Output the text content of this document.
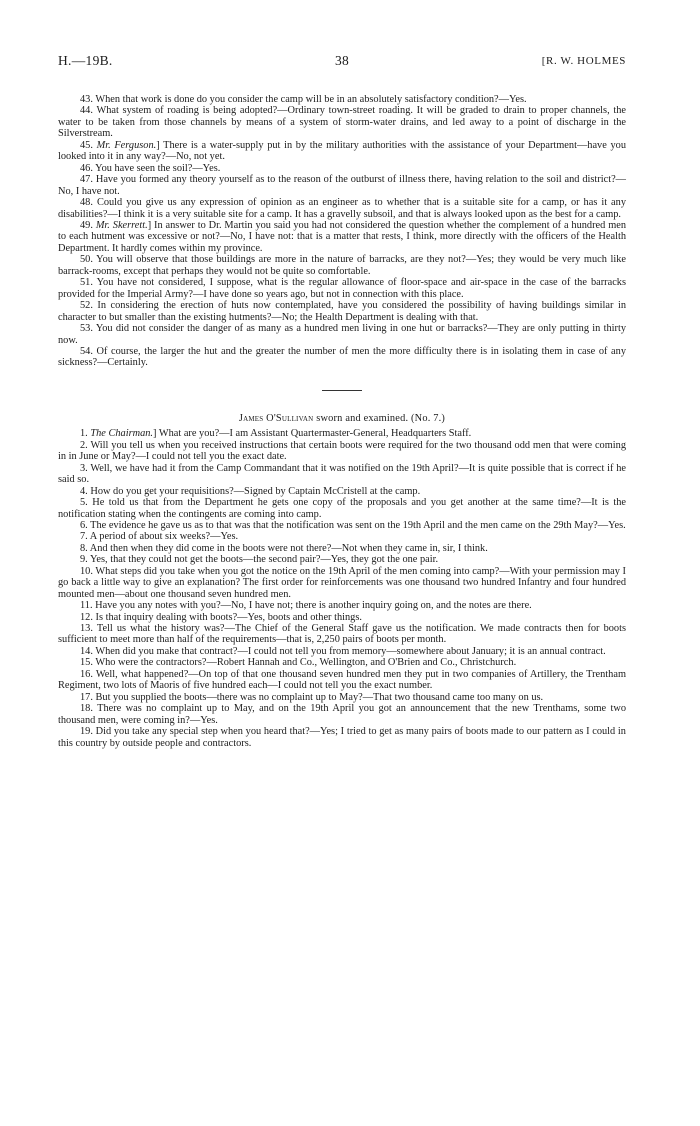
H.—19B.	38	[R. W. HOLMES

43. When that work is done do you consider the camp will be in an absolutely satisfactory condition?—Yes.

44. What system of roading is being adopted?—Ordinary town-street roading. It will be graded to drain to proper channels, the water to be taken from those channels by means of a system of storm-water drains, and led away to a point of discharge in the Silverstream.

45. Mr. Ferguson.] There is a water-supply put in by the military authorities with the assistance of your Department—have you looked into it in any way?—No, not yet.

46. You have seen the soil?—Yes.

47. Have you formed any theory yourself as to the reason of the outburst of illness there, having relation to the soil and district?—No, I have not.

48. Could you give us any expression of opinion as an engineer as to whether that is a suitable site for a camp, or has it any disabilities?—I think it is a very suitable site for a camp. It has a gravelly subsoil, and that is always looked upon as the best for a camp.

49. Mr. Skerrett.] In answer to Dr. Martin you said you had not considered the question whether the complement of a hundred men to each hutment was excessive or not?—No, I have not: that is a matter that rests, I think, more directly with the officers of the Health Department. It hardly comes within my province.

50. You will observe that those buildings are more in the nature of barracks, are they not?—Yes; they would be very much like barrack-rooms, except that perhaps they would not be quite so comfortable.

51. You have not considered, I suppose, what is the regular allowance of floor-space and air-space in the case of the barracks provided for the Imperial Army?—I have done so years ago, but not in connection with this place.

52. In considering the erection of huts now contemplated, have you considered the possibility of having buildings similar in character to but smaller than the existing hutments?—No; the Health Department is dealing with that.

53. You did not consider the danger of as many as a hundred men living in one hut or barracks?—They are only putting in thirty now.

54. Of course, the larger the hut and the greater the number of men the more difficulty there is in isolating them in case of any sickness?—Certainly.

James O'Sullivan sworn and examined. (No. 7.)

1. The Chairman.] What are you?—I am Assistant Quartermaster-General, Headquarters Staff.

2. Will you tell us when you received instructions that certain boots were required for the two thousand odd men that were coming in in June or May?—I could not tell you the exact date.

3. Well, we have had it from the Camp Commandant that it was notified on the 19th April?—It is quite possible that is correct if he said so.

4. How do you get your requisitions?—Signed by Captain McCristell at the camp.

5. He told us that from the Department he gets one copy of the proposals and you get another at the same time?—It is the notification stating when the contingents are coming into camp.

6. The evidence he gave us as to that was that the notification was sent on the 19th April and the men came on the 29th May?—Yes.

7. A period of about six weeks?—Yes.

8. And then when they did come in the boots were not there?—Not when they came in, sir, I think.

9. Yes, that they could not get the boots—the second pair?—Yes, they got the one pair.

10. What steps did you take when you got the notice on the 19th April of the men coming into camp?—With your permission may I go back a little way to give an explanation? The first order for reinforcements was one thousand two hundred Infantry and four hundred mounted men—about one thousand seven hundred men.

11. Have you any notes with you?—No, I have not; there is another inquiry going on, and the notes are there.

12. Is that inquiry dealing with boots?—Yes, boots and other things.

13. Tell us what the history was?—The Chief of the General Staff gave us the notification. We made contracts then for boots sufficient to meet more than half of the requirements—that is, 2,250 pairs of boots per month.

14. When did you make that contract?—I could not tell you from memory—somewhere about January; it is an annual contract.

15. Who were the contractors?—Robert Hannah and Co., Wellington, and O'Brien and Co., Christchurch.

16. Well, what happened?—On top of that one thousand seven hundred men they put in two companies of Artillery, the Trentham Regiment, two lots of Maoris of five hundred each—I could not tell you the exact number.

17. But you supplied the boots—there was no complaint up to May?—That two thousand came too many on us.

18. There was no complaint up to May, and on the 19th April you got an announcement that the new Trenthams, some two thousand men, were coming in?—Yes.

19. Did you take any special step when you heard that?—Yes; I tried to get as many pairs of boots made to our pattern as I could in this country by outside people and contractors.
